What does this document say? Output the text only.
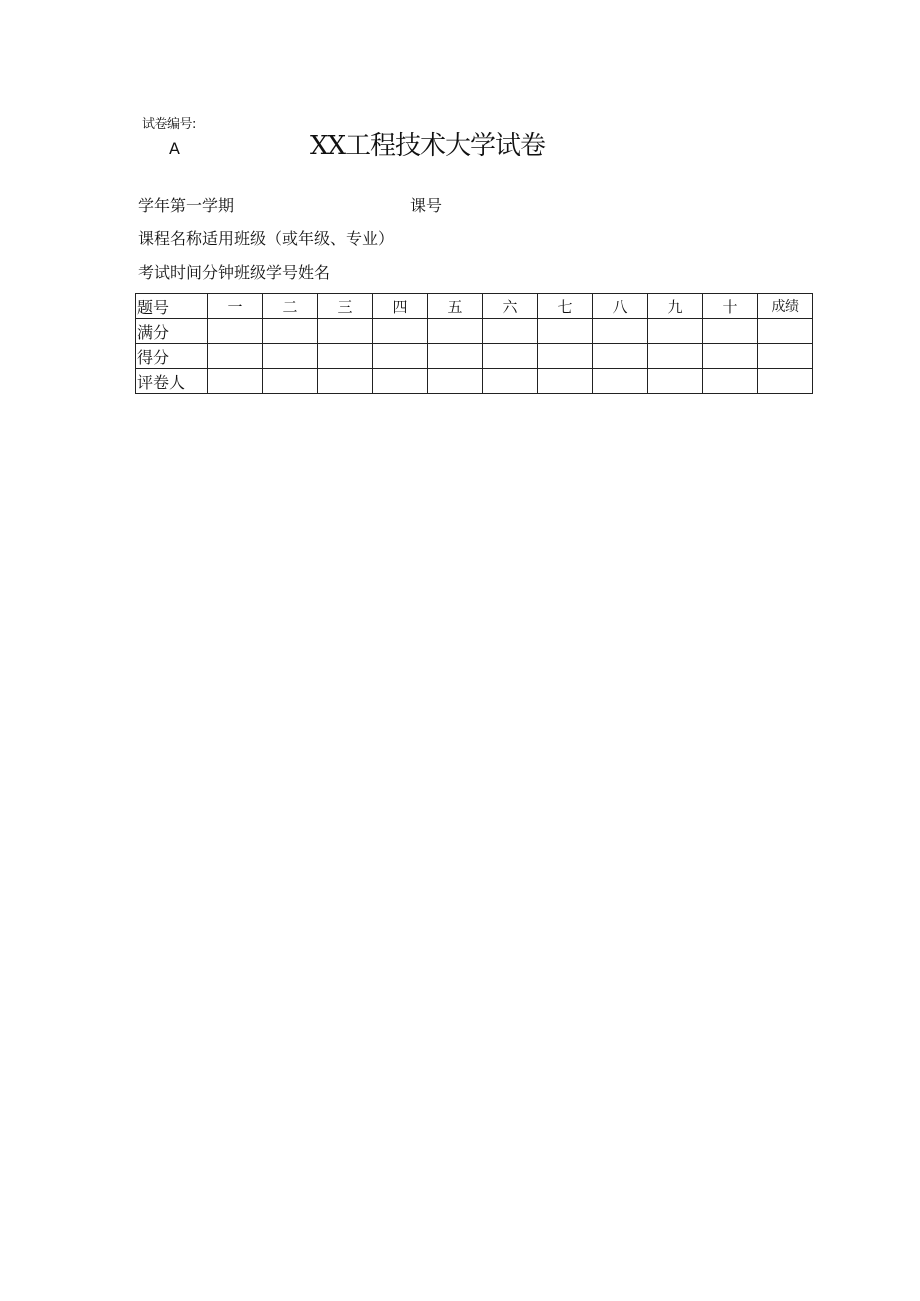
试卷编号:
A	XX工程技术大学试卷
学年第一学期	课号
课程名称适用班级（或年级、专业）
考试时间分钟班级学号姓名
题号	一	二	三	四	五	六	七	八	九	十	成绩
满分											
得分											
评卷人											
